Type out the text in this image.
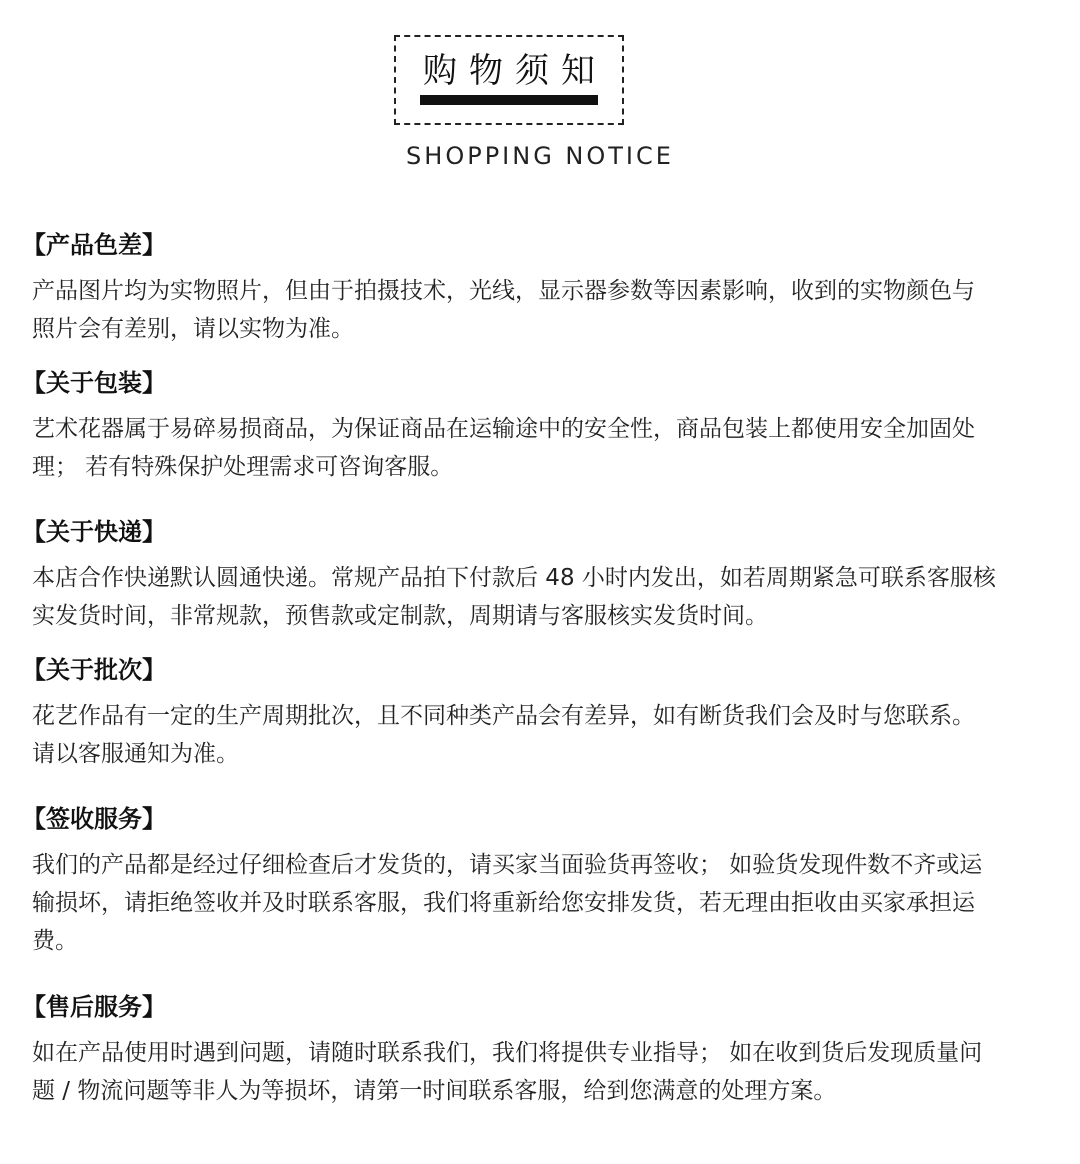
购物须知
SHOPPING NOTICE
【产品色差】
产品图片均为实物照片，但由于拍摄技术，光线，显示器参数等因素影响，收到的实物颜色与照片会有差别，请以实物为准。
【关于包装】
艺术花器属于易碎易损商品，为保证商品在运输途中的安全性，商品包装上都使用安全加固处理； 若有特殊保护处理需求可咨询客服。
【关于快递】
本店合作快递默认圆通快递。常规产品拍下付款后 48 小时内发出，如若周期紧急可联系客服核实发货时间，非常规款，预售款或定制款，周期请与客服核实发货时间。
【关于批次】
花艺作品有一定的生产周期批次，且不同种类产品会有差异，如有断货我们会及时与您联系。请以客服通知为准。
【签收服务】
我们的产品都是经过仔细检查后才发货的，请买家当面验货再签收； 如验货发现件数不齐或运输损坏，请拒绝签收并及时联系客服，我们将重新给您安排发货，若无理由拒收由买家承担运费。
【售后服务】
如在产品使用时遇到问题，请随时联系我们，我们将提供专业指导； 如在收到货后发现质量问题 / 物流问题等非人为等损坏，请第一时间联系客服，给到您满意的处理方案。
